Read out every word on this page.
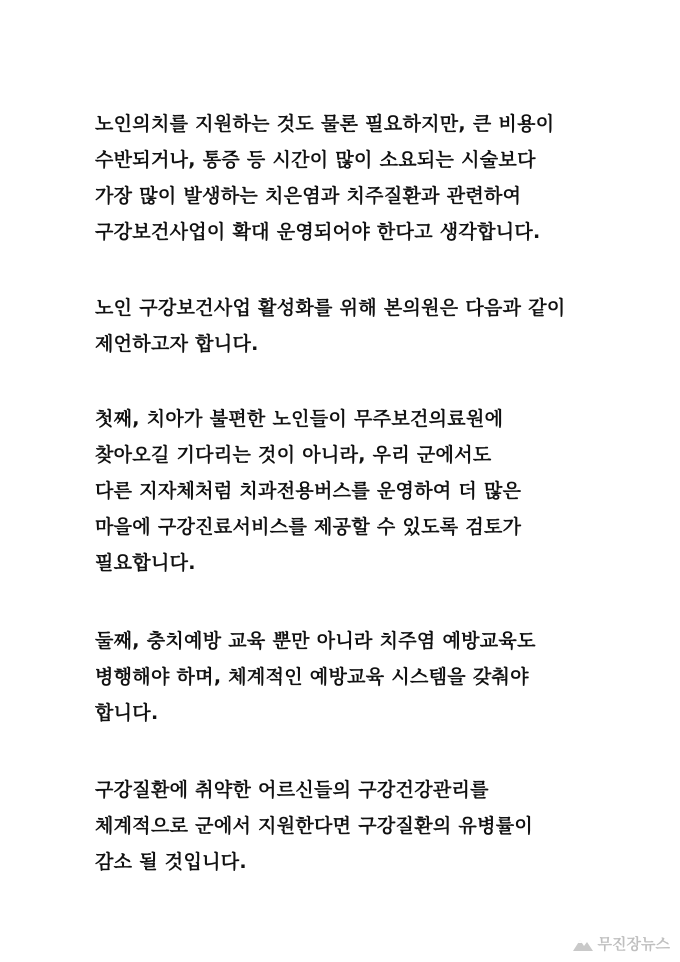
노인의치를 지원하는 것도 물론 필요하지만, 큰 비용이
수반되거나, 통증 등 시간이 많이 소요되는 시술보다
가장 많이 발생하는 치은염과 치주질환과 관련하여
구강보건사업이 확대 운영되어야 한다고 생각합니다.
노인 구강보건사업 활성화를 위해 본의원은 다음과 같이
제언하고자 합니다.
첫째, 치아가 불편한 노인들이 무주보건의료원에
찾아오길 기다리는 것이 아니라, 우리 군에서도
다른 지자체처럼 치과전용버스를 운영하여 더 많은
마을에 구강진료서비스를 제공할 수 있도록 검토가
필요합니다.
둘째, 충치예방 교육 뿐만 아니라 치주염 예방교육도
병행해야 하며, 체계적인 예방교육 시스템을 갖춰야
합니다.
구강질환에 취약한 어르신들의 구강건강관리를
체계적으로 군에서 지원한다면 구강질환의 유병률이
감소 될 것입니다.
무진장뉴스
